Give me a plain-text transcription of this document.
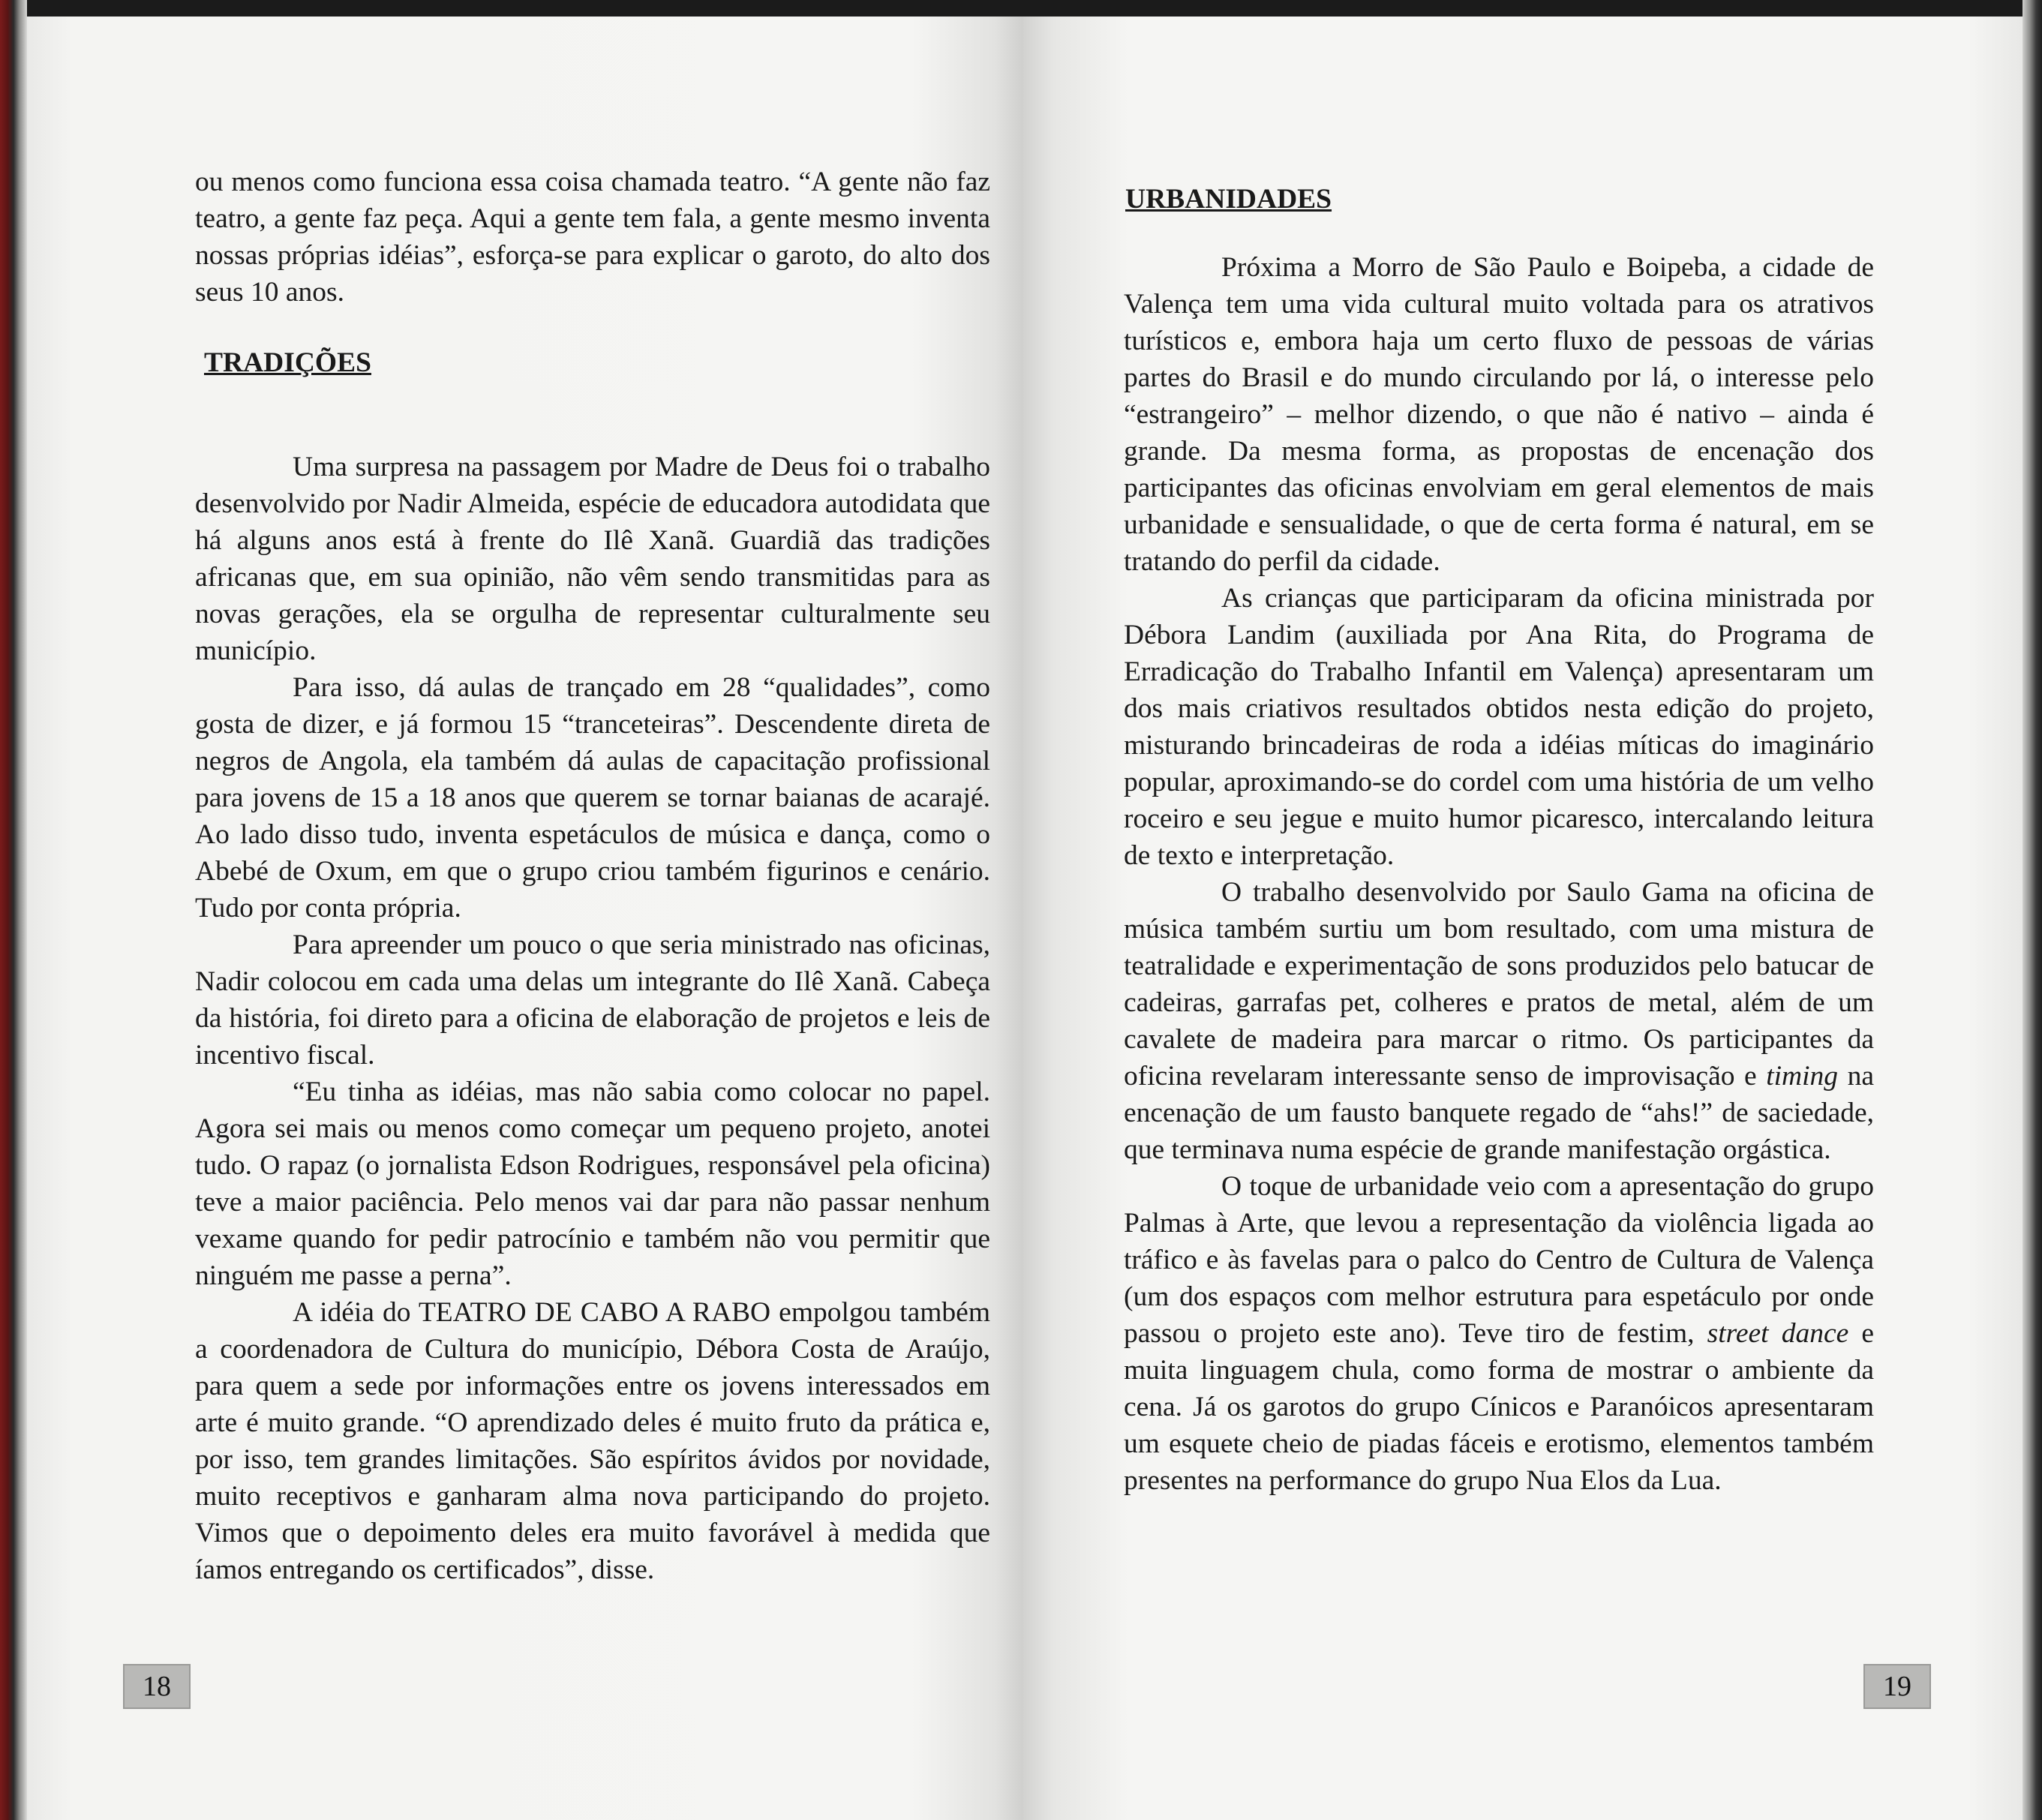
ou menos como funciona essa coisa chamada teatro. “A gente não faz teatro, a gente faz peça. Aqui a gente tem fala, a gente mesmo inventa nossas próprias idéias”, esforça-se para explicar o garoto, do alto dos seus 10 anos.

TRADIÇÕES

Uma surpresa na passagem por Madre de Deus foi o trabalho desenvolvido por Nadir Almeida, espécie de educadora autodidata que há alguns anos está à frente do Ilê Xanã. Guardiã das tradições africanas que, em sua opinião, não vêm sendo transmitidas para as novas gerações, ela se orgulha de representar culturalmente seu município.

Para isso, dá aulas de trançado em 28 “qualidades”, como gosta de dizer, e já formou 15 “tranceteiras”. Descendente direta de negros de Angola, ela também dá aulas de capacitação profissional para jovens de 15 a 18 anos que querem se tornar baianas de acarajé. Ao lado disso tudo, inventa espetáculos de música e dança, como o Abebé de Oxum, em que o grupo criou também figurinos e cenário. Tudo por conta própria.

Para apreender um pouco o que seria ministrado nas oficinas, Nadir colocou em cada uma delas um integrante do Ilê Xanã. Cabeça da história, foi direto para a oficina de elaboração de projetos e leis de incentivo fiscal.

“Eu tinha as idéias, mas não sabia como colocar no papel. Agora sei mais ou menos como começar um pequeno projeto, anotei tudo. O rapaz (o jornalista Edson Rodrigues, responsável pela oficina) teve a maior paciência. Pelo menos vai dar para não passar nenhum vexame quando for pedir patrocínio e também não vou permitir que ninguém me passe a perna”.

A idéia do TEATRO DE CABO A RABO empolgou também a coordenadora de Cultura do município, Débora Costa de Araújo, para quem a sede por informações entre os jovens interessados em arte é muito grande. “O aprendizado deles é muito fruto da prática e, por isso, tem grandes limitações. São espíritos ávidos por novidade, muito receptivos e ganharam alma nova participando do projeto. Vimos que o depoimento deles era muito favorável à medida que íamos entregando os certificados”, disse.

18
URBANIDADES

Próxima a Morro de São Paulo e Boipeba, a cidade de Valença tem uma vida cultural muito voltada para os atrativos turísticos e, embora haja um certo fluxo de pessoas de várias partes do Brasil e do mundo circulando por lá, o interesse pelo “estrangeiro” – melhor dizendo, o que não é nativo – ainda é grande. Da mesma forma, as propostas de encenação dos participantes das oficinas envolviam em geral elementos de mais urbanidade e sensualidade, o que de certa forma é natural, em se tratando do perfil da cidade.

As crianças que participaram da oficina ministrada por Débora Landim (auxiliada por Ana Rita, do Programa de Erradicação do Trabalho Infantil em Valença) apresentaram um dos mais criativos resultados obtidos nesta edição do projeto, misturando brincadeiras de roda a idéias míticas do imaginário popular, aproximando-se do cordel com uma história de um velho roceiro e seu jegue e muito humor picaresco, intercalando leitura de texto e interpretação.

O trabalho desenvolvido por Saulo Gama na oficina de música também surtiu um bom resultado, com uma mistura de teatralidade e experimentação de sons produzidos pelo batucar de cadeiras, garrafas pet, colheres e pratos de metal, além de um cavalete de madeira para marcar o ritmo. Os participantes da oficina revelaram interessante senso de improvisação e timing na encenação de um fausto banquete regado de “ahs!” de saciedade, que terminava numa espécie de grande manifestação orgástica.

O toque de urbanidade veio com a apresentação do grupo Palmas à Arte, que levou a representação da violência ligada ao tráfico e às favelas para o palco do Centro de Cultura de Valença (um dos espaços com melhor estrutura para espetáculo por onde passou o projeto este ano). Teve tiro de festim, street dance e muita linguagem chula, como forma de mostrar o ambiente da cena. Já os garotos do grupo Cínicos e Paranóicos apresentaram um esquete cheio de piadas fáceis e erotismo, elementos também presentes na performance do grupo Nua Elos da Lua.

19
